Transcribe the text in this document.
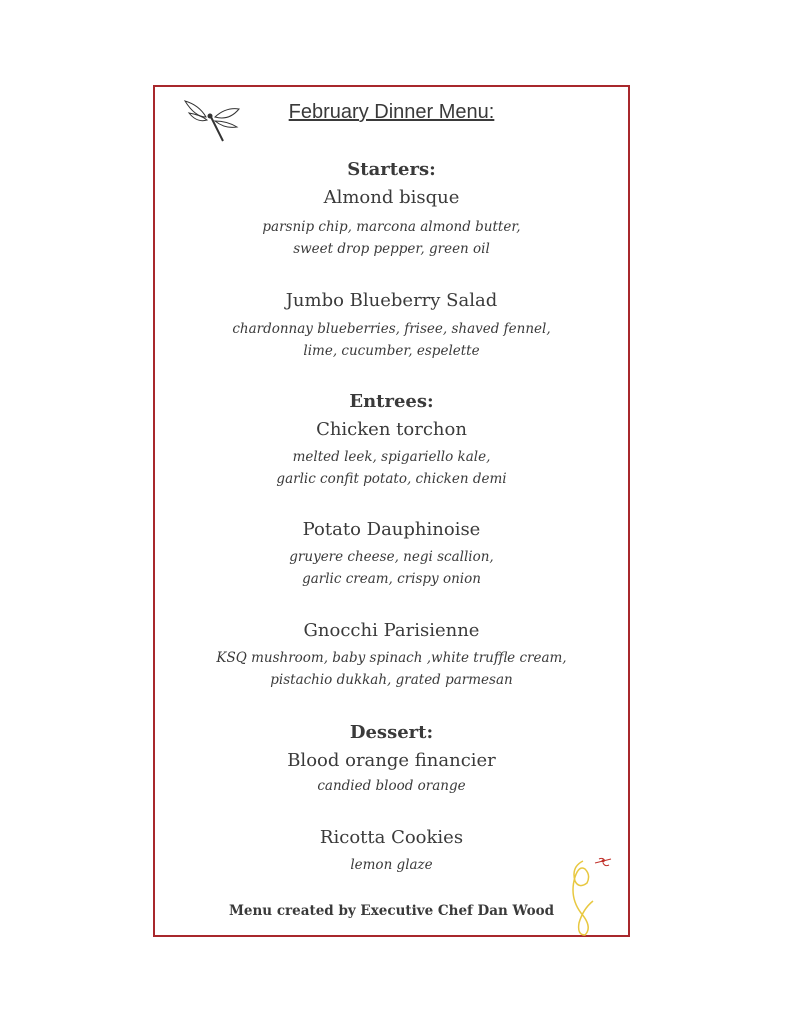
February Dinner Menu:
Starters:
Almond bisque
parsnip chip, marcona almond butter,
sweet drop pepper, green oil
Jumbo Blueberry Salad
chardonnay blueberries, frisee, shaved fennel,
lime, cucumber, espelette
Entrees:
Chicken torchon
melted leek, spigariello kale,
garlic confit potato, chicken demi
Potato Dauphinoise
gruyere cheese, negi scallion,
garlic cream, crispy onion
Gnocchi Parisienne
KSQ mushroom, baby spinach ,white truffle cream,
pistachio dukkah, grated parmesan
Dessert:
Blood orange financier
candied blood orange
Ricotta Cookies
lemon glaze
Menu created by Executive Chef Dan Wood
